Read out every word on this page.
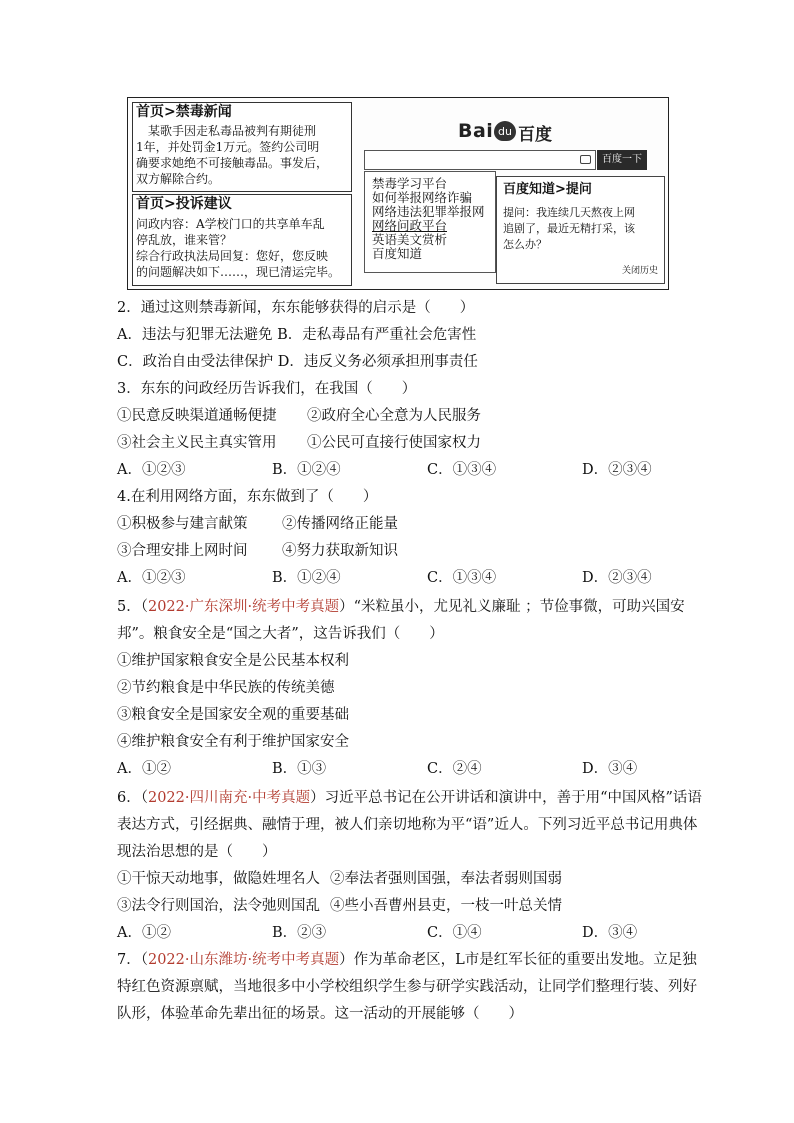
首页>禁毒新闻
　某歌手因走私毒品被判有期徒刑
1年，并处罚金1万元。签约公司明
确要求她绝不可接触毒品。事发后，
双方解除合约。
首页>投诉建议
问政内容：A学校门口的共享单车乱
停乱放，谁来管？
综合行政执法局回复：您好，您反映
的问题解决如下……，现已清运完毕。
Bai du 百度
百度一下
禁毒学习平台
如何举报网络诈骗
网络违法犯罪举报网
网络问政平台
英语美文赏析
百度知道
百度知道>提问
提问：我连续几天熬夜上网
追剧了，最近无精打采，该
怎么办？
关闭历史
2．通过这则禁毒新闻，东东能够获得的启示是（　　）
A．违法与犯罪无法避免 B．走私毒品有严重社会危害性
C．政治自由受法律保护 D．违反义务必须承担刑事责任
3．东东的问政经历告诉我们，在我国（　　）
①民意反映渠道通畅便捷 ②政府全心全意为人民服务
③社会主义民主真实管用 ①公民可直接行使国家权力
A．①②③	B．①②④	C．①③④	D．②③④
4.在利用网络方面，东东做到了（　　）
①积极参与建言献策 ②传播网络正能量
③合理安排上网时间 ④努力获取新知识
A．①②③	B．①②④	C．①③④	D．②③④
5．（2022·广东深圳·统考中考真题）“米粒虽小，尤见礼义廉耻 ；节俭事微，可助兴国安
邦”。粮食安全是“国之大者”，这告诉我们（　　）
①维护国家粮食安全是公民基本权利
②节约粮食是中华民族的传统美德
③粮食安全是国家安全观的重要基础
④维护粮食安全有利于维护国家安全
A．①②	B．①③	C．②④	D．③④
6．（2022·四川南充·中考真题）习近平总书记在公开讲话和演讲中，善于用“中国风格”话语
表达方式，引经据典、融情于理，被人们亲切地称为平“语”近人。下列习近平总书记用典体
现法治思想的是（　　）
①干惊天动地事，做隐姓埋名人 ②奉法者强则国强，奉法者弱则国弱
③法令行则国治，法令弛则国乱 ④些小吾曹州县吏，一枝一叶总关情
A．①②	B．②③	C．①④	D．③④
7．（2022·山东潍坊·统考中考真题）作为革命老区，L市是红军长征的重要出发地。立足独
特红色资源禀赋，当地很多中小学校组织学生参与研学实践活动，让同学们整理行装、列好
队形，体验革命先辈出征的场景。这一活动的开展能够（　　）
